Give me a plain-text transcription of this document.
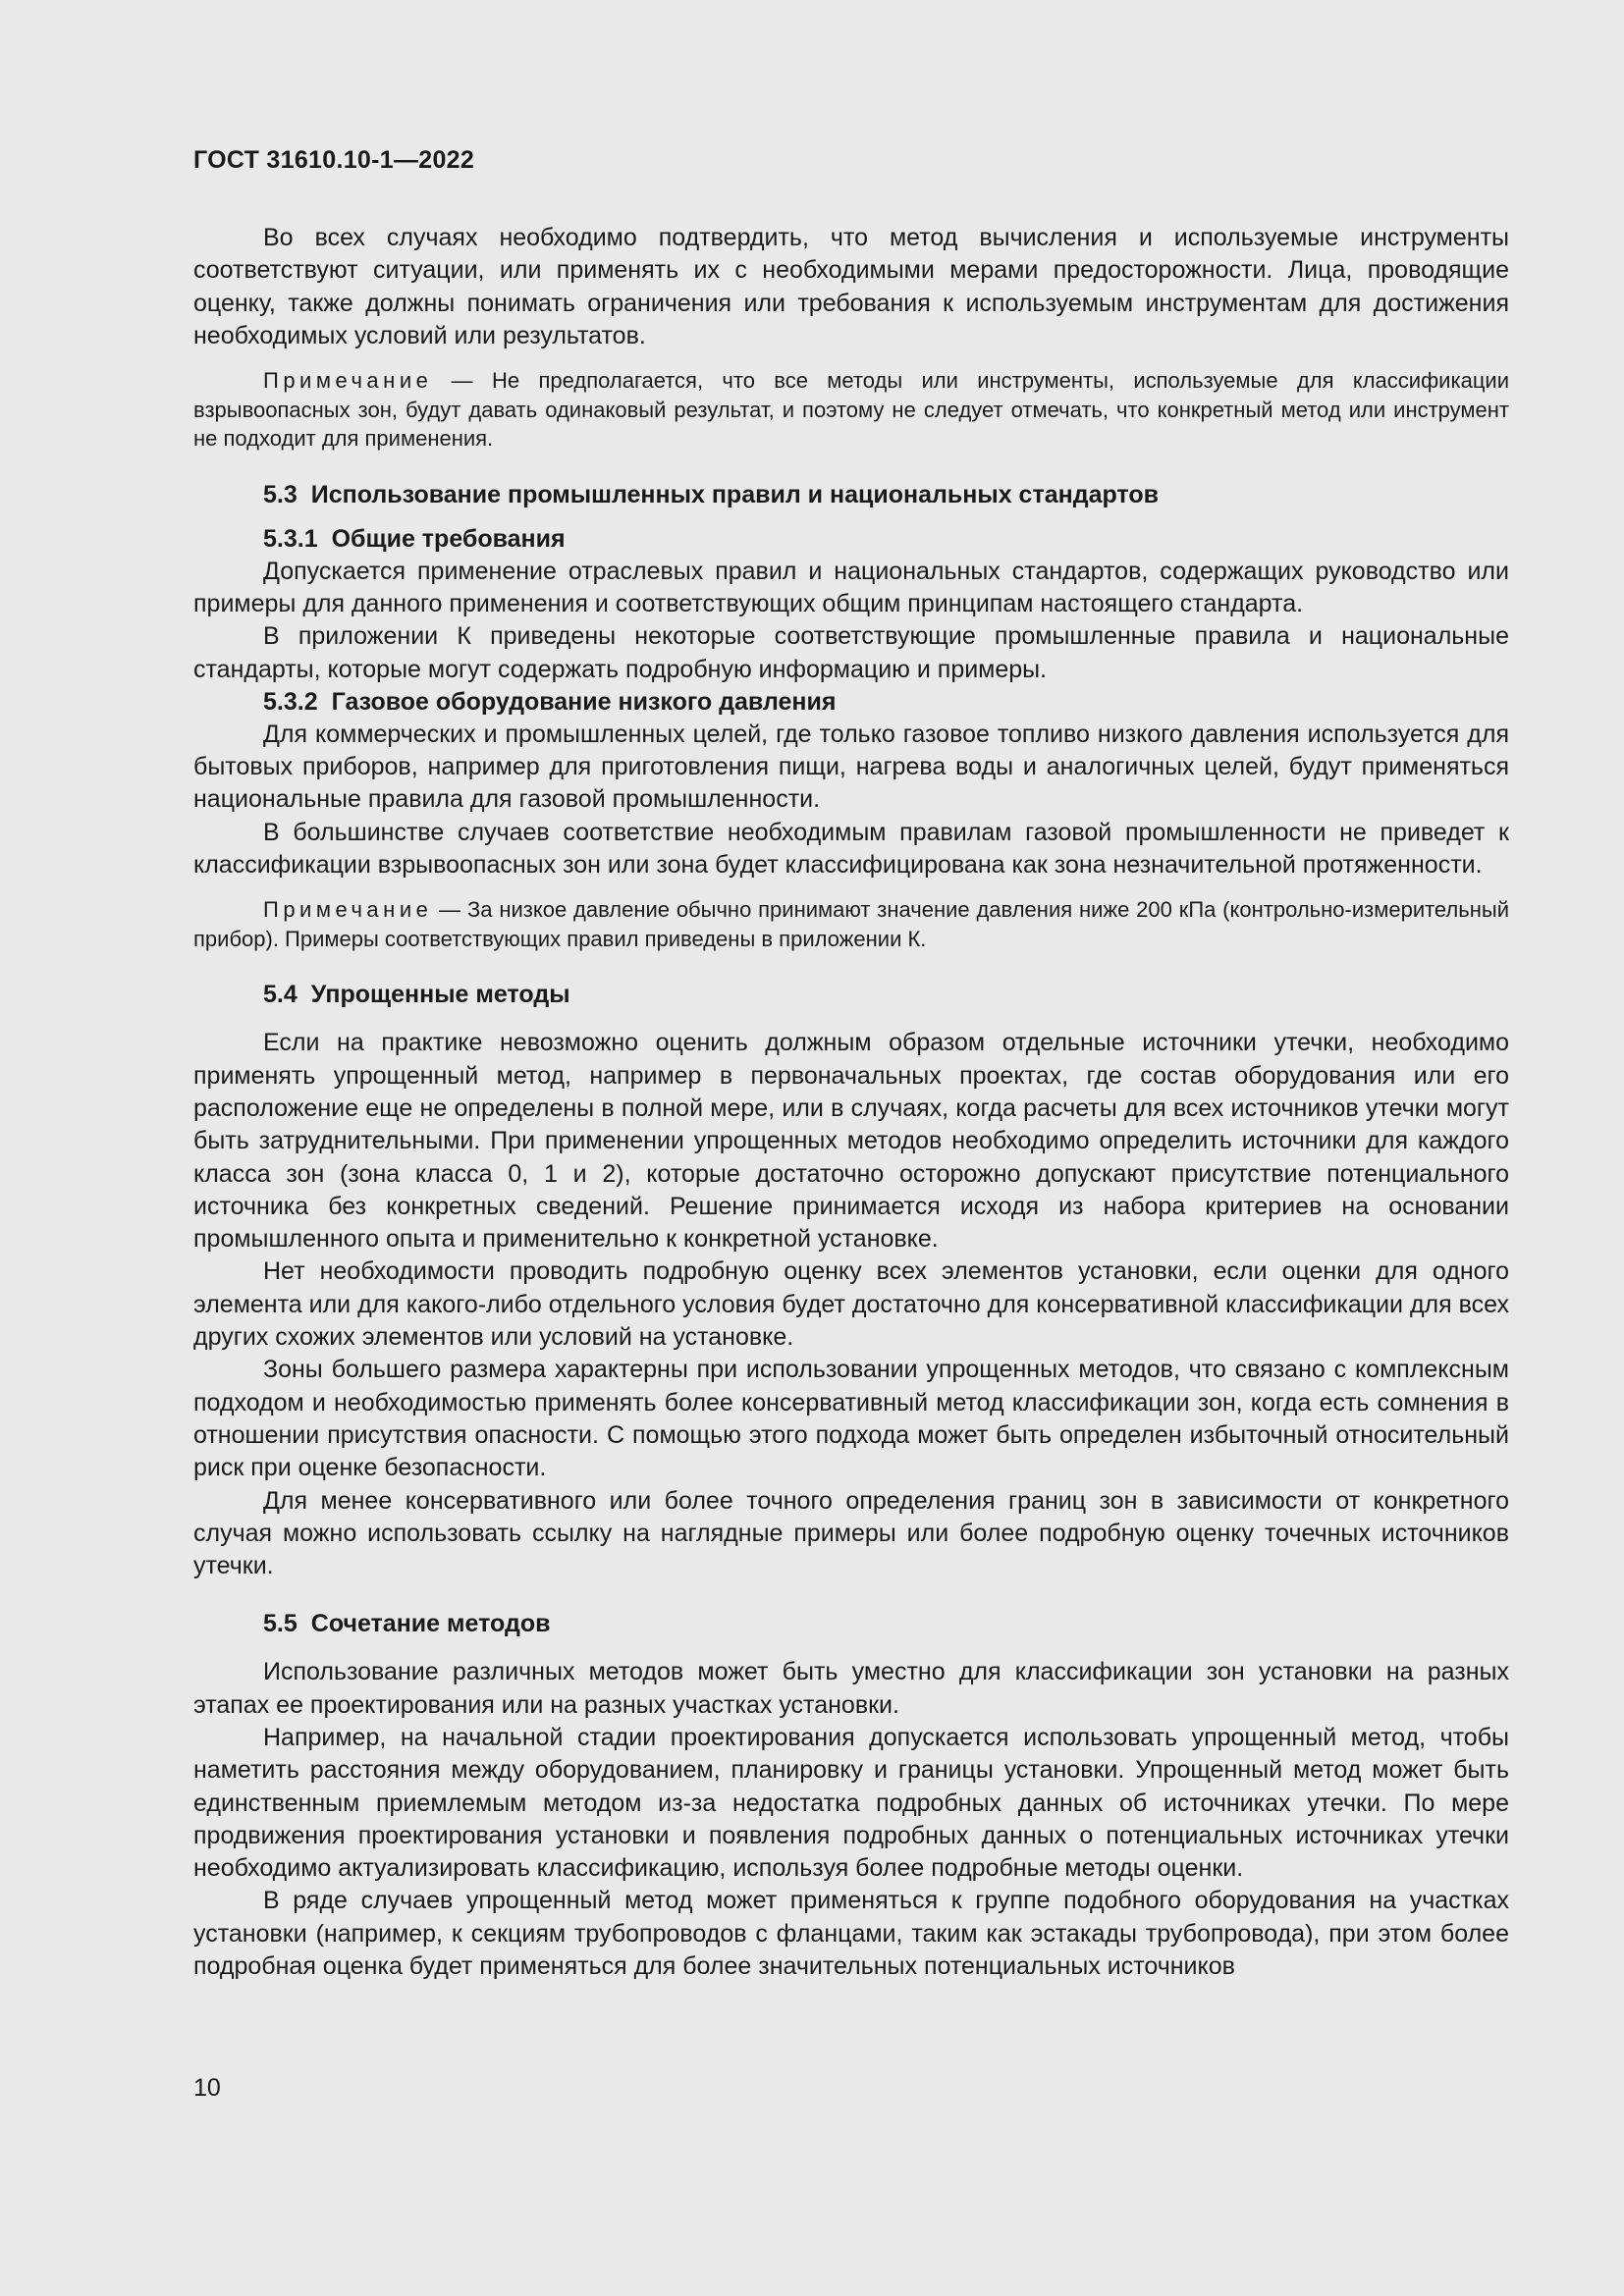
ГОСТ 31610.10-1—2022

Во всех случаях необходимо подтвердить, что метод вычисления и используемые инструменты соответствуют ситуации, или применять их с необходимыми мерами предосторожности. Лица, проводящие оценку, также должны понимать ограничения или требования к используемым инструментам для достижения необходимых условий или результатов.

Примечание — Не предполагается, что все методы или инструменты, используемые для классификации взрывоопасных зон, будут давать одинаковый результат, и поэтому не следует отмечать, что конкретный метод или инструмент не подходит для применения.

5.3 Использование промышленных правил и национальных стандартов
5.3.1 Общие требования

Допускается применение отраслевых правил и национальных стандартов, содержащих руководство или примеры для данного применения и соответствующих общим принципам настоящего стандарта.

В приложении К приведены некоторые соответствующие промышленные правила и национальные стандарты, которые могут содержать подробную информацию и примеры.

5.3.2 Газовое оборудование низкого давления

Для коммерческих и промышленных целей, где только газовое топливо низкого давления используется для бытовых приборов, например для приготовления пищи, нагрева воды и аналогичных целей, будут применяться национальные правила для газовой промышленности.

В большинстве случаев соответствие необходимым правилам газовой промышленности не приведет к классификации взрывоопасных зон или зона будет классифицирована как зона незначительной протяженности.

Примечание — За низкое давление обычно принимают значение давления ниже 200 кПа (контрольно-измерительный прибор). Примеры соответствующих правил приведены в приложении К.

5.4 Упрощенные методы

Если на практике невозможно оценить должным образом отдельные источники утечки, необходимо применять упрощенный метод, например в первоначальных проектах, где состав оборудования или его расположение еще не определены в полной мере, или в случаях, когда расчеты для всех источников утечки могут быть затруднительными. При применении упрощенных методов необходимо определить источники для каждого класса зон (зона класса 0, 1 и 2), которые достаточно осторожно допускают присутствие потенциального источника без конкретных сведений. Решение принимается исходя из набора критериев на основании промышленного опыта и применительно к конкретной установке.

Нет необходимости проводить подробную оценку всех элементов установки, если оценки для одного элемента или для какого-либо отдельного условия будет достаточно для консервативной классификации для всех других схожих элементов или условий на установке.

Зоны большего размера характерны при использовании упрощенных методов, что связано с комплексным подходом и необходимостью применять более консервативный метод классификации зон, когда есть сомнения в отношении присутствия опасности. С помощью этого подхода может быть определен избыточный относительный риск при оценке безопасности.

Для менее консервативного или более точного определения границ зон в зависимости от конкретного случая можно использовать ссылку на наглядные примеры или более подробную оценку точечных источников утечки.

5.5 Сочетание методов

Использование различных методов может быть уместно для классификации зон установки на разных этапах ее проектирования или на разных участках установки.

Например, на начальной стадии проектирования допускается использовать упрощенный метод, чтобы наметить расстояния между оборудованием, планировку и границы установки. Упрощенный метод может быть единственным приемлемым методом из-за недостатка подробных данных об источниках утечки. По мере продвижения проектирования установки и появления подробных данных о потенциальных источниках утечки необходимо актуализировать классификацию, используя более подробные методы оценки.

В ряде случаев упрощенный метод может применяться к группе подобного оборудования на участках установки (например, к секциям трубопроводов с фланцами, таким как эстакады трубопровода), при этом более подробная оценка будет применяться для более значительных потенциальных источников

10
